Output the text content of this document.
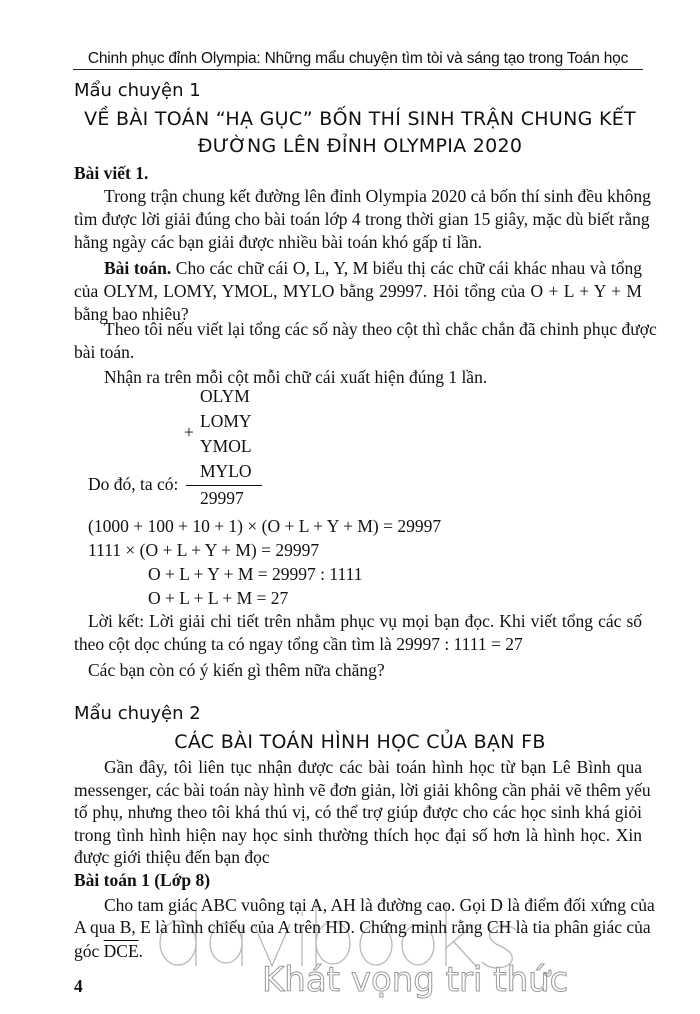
Chinh phục đỉnh Olympia: Những mẩu chuyện tìm tòi và sáng tạo trong Toán học
Mẩu chuyện 1
VỀ BÀI TOÁN “HẠ GỤC” BỐN THÍ SINH TRẬN CHUNG KẾT
ĐƯỜNG LÊN ĐỈNH OLYMPIA 2020
Bài viết 1.
Trong trận chung kết đường lên đỉnh Olympia 2020 cả bốn thí sinh đều không
tìm được lời giải đúng cho bài toán lớp 4 trong thời gian 15 giây, mặc dù biết rằng
hằng ngày các bạn giải được nhiều bài toán khó gấp tỉ lần.
Bài toán. Cho các chữ cái O, L, Y, M biểu thị các chữ cái khác nhau và tổng
của OLYM, LOMY, YMOL, MYLO bằng 29997. Hỏi tổng của O + L + Y + M
bằng bao nhiêu?
Theo tôi nếu viết lại tổng các số này theo cột thì chắc chắn đã chinh phục được
bài toán.
Nhận ra trên mỗi cột mỗi chữ cái xuất hiện đúng 1 lần.
OLYM
LOMY
+
YMOL
MYLO
Do đó, ta có:
29997
(1000 + 100 + 10 + 1) × (O + L + Y + M) = 29997
1111 × (O + L + Y + M) = 29997
O + L + Y + M = 29997 : 1111
O + L + L + M = 27
Lời kết: Lời giải chi tiết trên nhằm phục vụ mọi bạn đọc. Khi viết tổng các số
theo cột dọc chúng ta có ngay tổng cần tìm là 29997 : 1111 = 27
Các bạn còn có ý kiến gì thêm nữa chăng?
Mẩu chuyện 2
CÁC BÀI TOÁN HÌNH HỌC CỦA BẠN FB
Gần đây, tôi liên tục nhận được các bài toán hình học từ bạn Lê Bình qua
messenger, các bài toán này hình vẽ đơn giản, lời giải không cần phải vẽ thêm yếu
tố phụ, nhưng theo tôi khá thú vị, có thể trợ giúp được cho các học sinh khá giỏi
trong tình hình hiện nay học sinh thường thích học đại số hơn là hình học. Xin
được giới thiệu đến bạn đọc
Bài toán 1 (Lớp 8)
Cho tam giác ABC vuông tại A, AH là đường cao. Gọi D là điểm đối xứng của
A qua B, E là hình chiếu của A trên HD. Chứng minh rằng CH là tia phân giác của
góc $\overline{DCE}$.
4	Khát vọng tri thức
